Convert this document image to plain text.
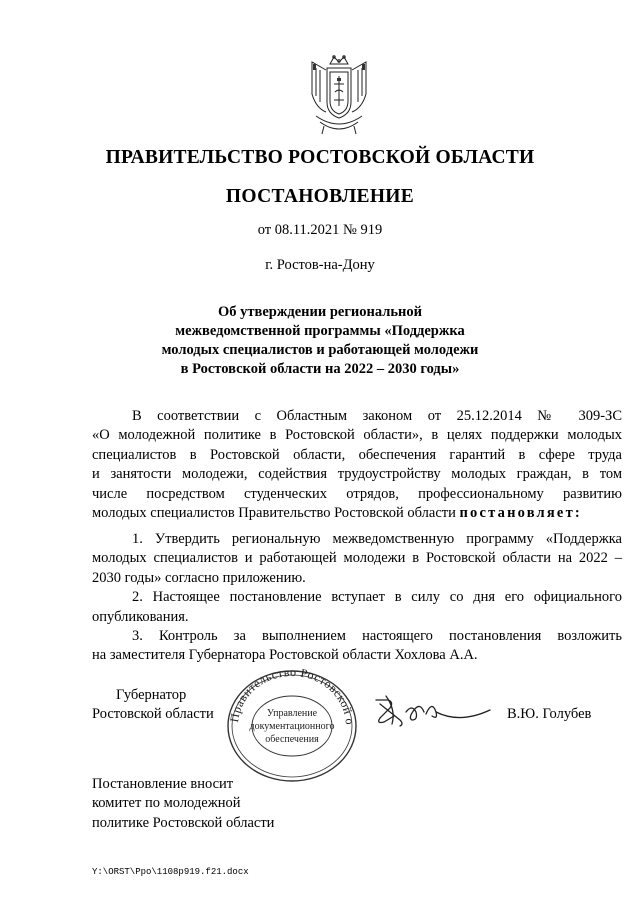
ПРАВИТЕЛЬСТВО РОСТОВСКОЙ ОБЛАСТИ
ПОСТАНОВЛЕНИЕ
от 08.11.2021 № 919
г. Ростов-на-Дону
Об утверждении региональной
межведомственной программы «Поддержка
молодых специалистов и работающей молодежи
в Ростовской области на 2022 – 2030 годы»
В соответствии с Областным законом от 25.12.2014 № 309-ЗС
«О молодежной политике в Ростовской области», в целях поддержки молодых
специалистов в Ростовской области, обеспечения гарантий в сфере труда
и занятости молодежи, содействия трудоустройству молодых граждан, в том
числе посредством студенческих отрядов, профессиональному развитию
молодых специалистов Правительство Ростовской области постановляет:
1. Утвердить региональную межведомственную программу «Поддержка
молодых специалистов и работающей молодежи в Ростовской области на 2022 –
2030 годы» согласно приложению.
2. Настоящее постановление вступает в силу со дня его официального
опубликования.
3. Контроль за выполнением настоящего постановления возложить
на заместителя Губернатора Ростовской области Хохлова А.А.
Губернатор
Ростовской области	Правительство Ростовской о
Управление
документационного
обеспечения
В.Ю. Голубев
Постановление вносит
комитет по молодежной
политике Ростовской области
Y:\ORST\Ppo\1108p919.f21.docx
